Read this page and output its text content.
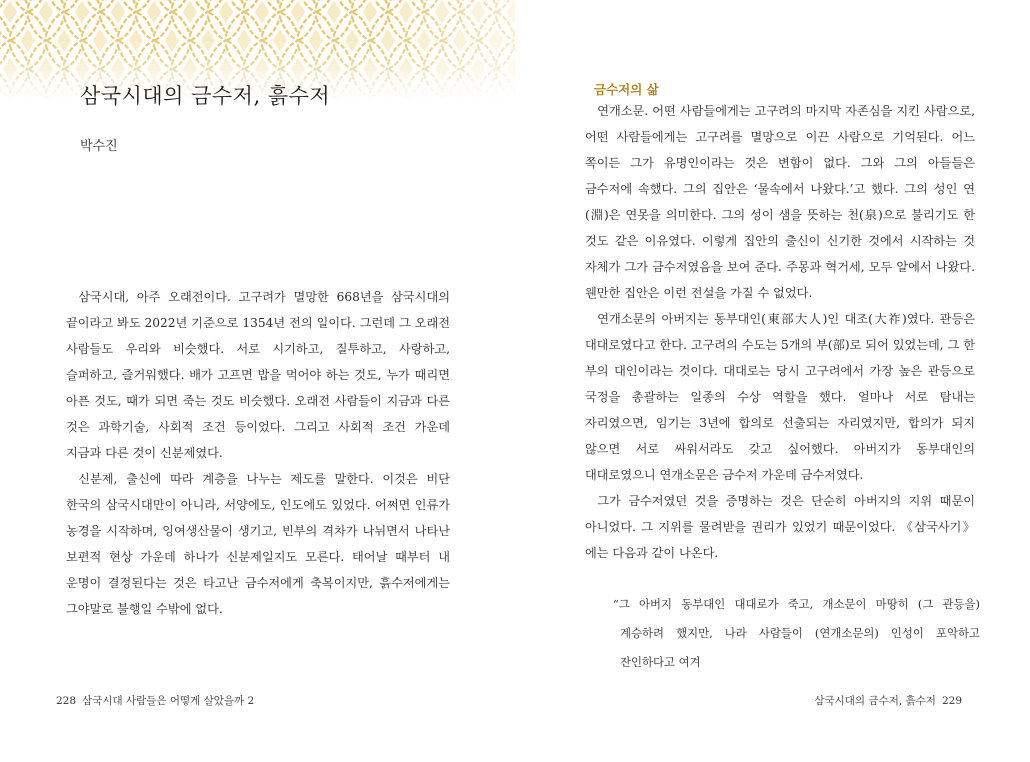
삼국시대의 금수저, 흙수저
박수진

삼국시대, 아주 오래전이다. 고구려가 멸망한 668년을 삼국시대의 끝이라고 봐도 2022년 기준으로 1354년 전의 일이다. 그런데 그 오래전 사람들도 우리와 비슷했다. 서로 시기하고, 질투하고, 사랑하고, 슬퍼하고, 즐거워했다. 배가 고프면 밥을 먹어야 하는 것도, 누가 때리면 아픈 것도, 때가 되면 죽는 것도 비슷했다. 오래전 사람들이 지금과 다른 것은 과학기술, 사회적 조건 등이었다. 그리고 사회적 조건 가운데 지금과 다른 것이 신분제였다.

신분제, 출신에 따라 계층을 나누는 제도를 말한다. 이것은 비단 한국의 삼국시대만이 아니라, 서양에도, 인도에도 있었다. 어쩌면 인류가 농경을 시작하며, 잉여생산물이 생기고, 빈부의 격차가 나뉘면서 나타난 보편적 현상 가운데 하나가 신분제일지도 모른다. 태어날 때부터 내 운명이 결정된다는 것은 타고난 금수저에게 축복이지만, 흙수저에게는 그야말로 불행일 수밖에 없다.

228 삼국시대 사람들은 어떻게 살았을까 2
금수저의 삶

연개소문. 어떤 사람들에게는 고구려의 마지막 자존심을 지킨 사람으로, 어떤 사람들에게는 고구려를 멸망으로 이끈 사람으로 기억된다. 어느 쪽이든 그가 유명인이라는 것은 변함이 없다. 그와 그의 아들들은 금수저에 속했다. 그의 집안은 ‘물속에서 나왔다.’고 했다. 그의 성인 연(淵)은 연못을 의미한다. 그의 성이 샘을 뜻하는 천(泉)으로 불리기도 한 것도 같은 이유였다. 이렇게 집안의 출신이 신기한 것에서 시작하는 것 자체가 그가 금수저였음을 보여 준다. 주몽과 혁거세, 모두 알에서 나왔다. 웬만한 집안은 이런 전설을 가질 수 없었다.

연개소문의 아버지는 동부대인(東部大人)인 대조(大祚)였다. 관등은 대대로였다고 한다. 고구려의 수도는 5개의 부(部)로 되어 있었는데, 그 한 부의 대인이라는 것이다. 대대로는 당시 고구려에서 가장 높은 관등으로 국정을 총괄하는 일종의 수상 역할을 했다. 얼마나 서로 탐내는 자리였으면, 임기는 3년에 합의로 선출되는 자리였지만, 합의가 되지 않으면 서로 싸워서라도 갖고 싶어했다. 아버지가 동부대인의 대대로였으니 연개소문은 금수저 가운데 금수저였다.

그가 금수저였던 것을 증명하는 것은 단순히 아버지의 지위 때문이 아니었다. 그 지위를 물려받을 권리가 있었기 때문이었다. 《삼국사기》에는 다음과 같이 나온다.

“그 아버지 동부대인 대대로가 죽고, 개소문이 마땅히 (그 관등을) 계승하려 했지만, 나라 사람들이 (연개소문의) 인성이 포악하고 잔인하다고 여겨
삼국시대의 금수저, 흙수저 229
